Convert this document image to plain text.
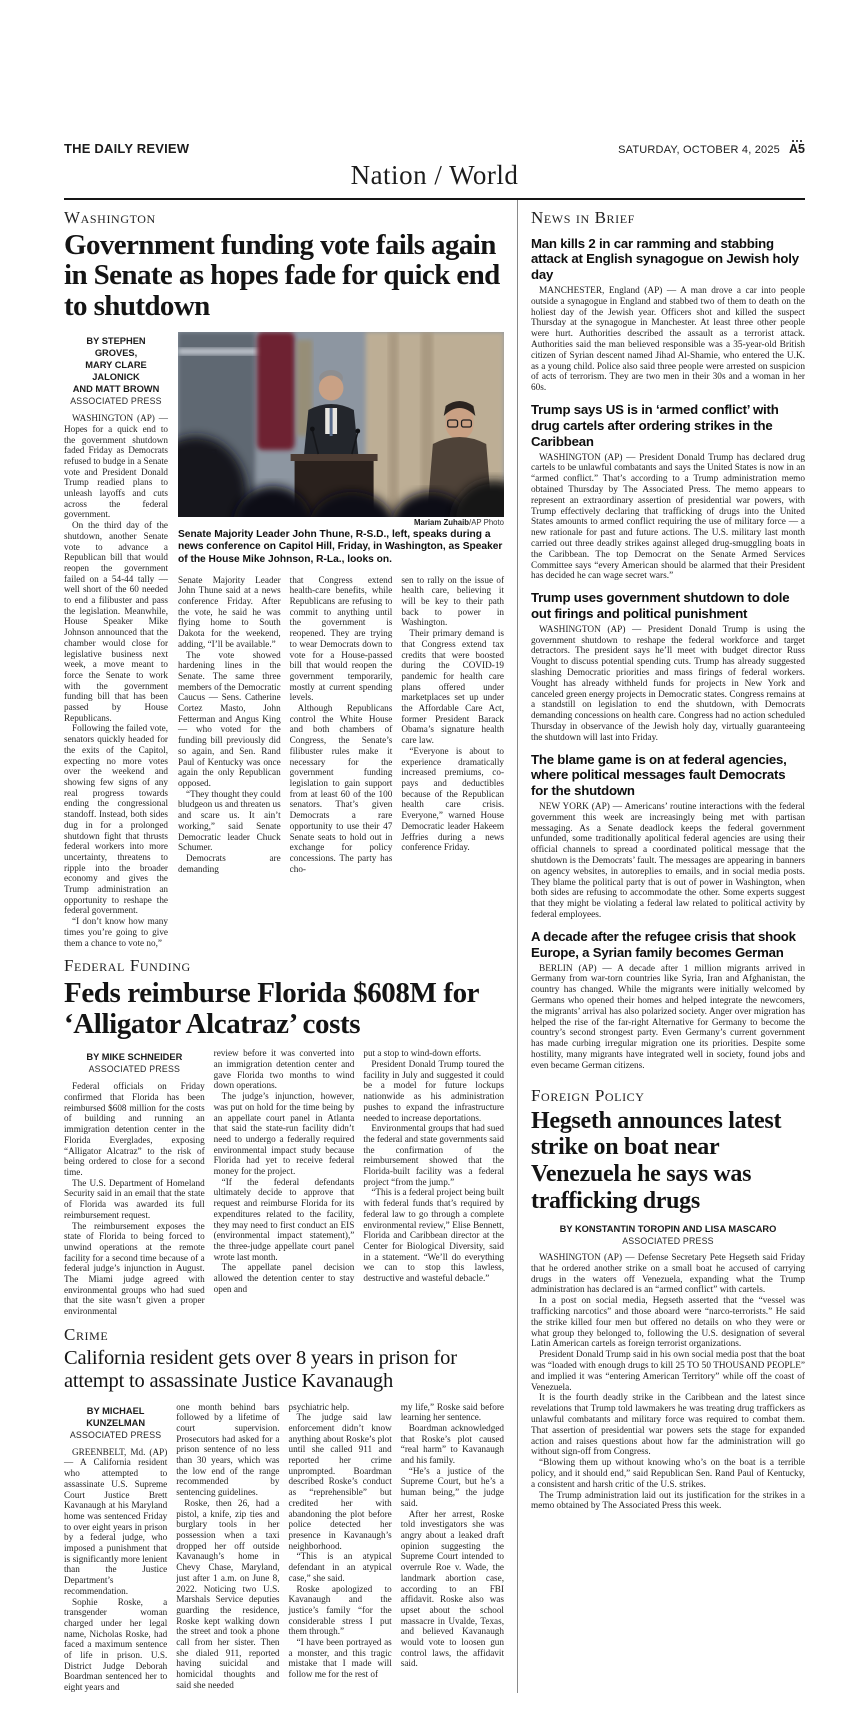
THE DAILY REVIEW	SATURDAY, OCTOBER 4, 2025 A5
Nation / World
Washington
Government funding vote fails again in Senate as hopes fade for quick end to shutdown
BY STEPHEN GROVES,
MARY CLARE JALONICK
AND MATT BROWN
ASSOCIATED PRESS

WASHINGTON (AP) — Hopes for a quick end to the government shutdown faded Friday as Democrats refused to budge in a Senate vote and President Donald Trump readied plans to unleash layoffs and cuts across the federal government.

On the third day of the shutdown, another Senate vote to advance a Republican bill that would reopen the government failed on a 54-44 tally — well short of the 60 needed to end a filibuster and pass the legislation. Meanwhile, House Speaker Mike Johnson announced that the chamber would close for legislative business next week, a move meant to force the Senate to work with the government funding bill that has been passed by House Republicans.

Following the failed vote, senators quickly headed for the exits of the Capitol, expecting no more votes over the weekend and showing few signs of any real progress towards ending the congressional standoff. Instead, both sides dug in for a prolonged shutdown fight that thrusts federal workers into more uncertainty, threatens to ripple into the broader economy and gives the Trump administration an opportunity to reshape the federal government.

“I don’t know how many times you’re going to give them a chance to vote no,”

Mariam Zuhaib/AP Photo
Senate Majority Leader John Thune, R-S.D., left, speaks during a news conference on Capitol Hill, Friday, in Washington, as Speaker of the House Mike Johnson, R-La., looks on.

Senate Majority Leader John Thune said at a news conference Friday. After the vote, he said he was flying home to South Dakota for the weekend, adding, “I’ll be available.”

The vote showed hardening lines in the Senate. The same three members of the Democratic Caucus — Sens. Catherine Cortez Masto, John Fetterman and Angus King — who voted for the funding bill previously did so again, and Sen. Rand Paul of Kentucky was once again the only Republican opposed.

“They thought they could bludgeon us and threaten us and scare us. It ain’t working,” said Senate Democratic leader Chuck Schumer.

Democrats are demanding

that Congress extend health-care benefits, while Republicans are refusing to commit to anything until the government is reopened. They are trying to wear Democrats down to vote for a House-passed bill that would reopen the government temporarily, mostly at current spending levels.

Although Republicans control the White House and both chambers of Congress, the Senate’s filibuster rules make it necessary for the government funding legislation to gain support from at least 60 of the 100 senators. That’s given Democrats a rare opportunity to use their 47 Senate seats to hold out in exchange for policy concessions. The party has cho-

sen to rally on the issue of health care, believing it will be key to their path back to power in Washington.

Their primary demand is that Congress extend tax credits that were boosted during the COVID-19 pandemic for health care plans offered under marketplaces set up under the Affordable Care Act, former President Barack Obama’s signature health care law.

“Everyone is about to experience dramatically increased premiums, co-pays and deductibles because of the Republican health care crisis. Everyone,” warned House Democratic leader Hakeem Jeffries during a news conference Friday.

Federal Funding
Feds reimburse Florida $608M for ‘Alligator Alcatraz’ costs
BY MIKE SCHNEIDER
ASSOCIATED PRESS

Federal officials on Friday confirmed that Florida has been reimbursed $608 million for the costs of building and running an immigration detention center in the Florida Everglades, exposing “Alligator Alcatraz” to the risk of being ordered to close for a second time.

The U.S. Department of Homeland Security said in an email that the state of Florida was awarded its full reimbursement request.

The reimbursement exposes the state of Florida to being forced to unwind operations at the remote facility for a second time because of a federal judge’s injunction in August. The Miami judge agreed with environmental groups who had sued that the site wasn’t given a proper environmental

review before it was converted into an immigration detention center and gave Florida two months to wind down operations.

The judge’s injunction, however, was put on hold for the time being by an appellate court panel in Atlanta that said the state-run facility didn’t need to undergo a federally required environmental impact study because Florida had yet to receive federal money for the project.

“If the federal defendants ultimately decide to approve that request and reimburse Florida for its expenditures related to the facility, they may need to first conduct an EIS (environmental impact statement),” the three-judge appellate court panel wrote last month.

The appellate panel decision allowed the detention center to stay open and

put a stop to wind-down efforts.

President Donald Trump toured the facility in July and suggested it could be a model for future lockups nationwide as his administration pushes to expand the infrastructure needed to increase deportations.

Environmental groups that had sued the federal and state governments said the confirmation of the reimbursement showed that the Florida-built facility was a federal project “from the jump.”

“This is a federal project being built with federal funds that’s required by federal law to go through a complete environmental review,” Elise Bennett, Florida and Caribbean director at the Center for Biological Diversity, said in a statement. “We’ll do everything we can to stop this lawless, destructive and wasteful debacle.”

Crime
California resident gets over 8 years in prison for attempt to assassinate Justice Kavanaugh
BY MICHAEL
KUNZELMAN
ASSOCIATED PRESS

GREENBELT, Md. (AP) — A California resident who attempted to assassinate U.S. Supreme Court Justice Brett Kavanaugh at his Maryland home was sentenced Friday to over eight years in prison by a federal judge, who imposed a punishment that is significantly more lenient than the Justice Department’s recommendation.

Sophie Roske, a transgender woman charged under her legal name, Nicholas Roske, had faced a maximum sentence of life in prison. U.S. District Judge Deborah Boardman sentenced her to eight years and

one month behind bars followed by a lifetime of court supervision. Prosecutors had asked for a prison sentence of no less than 30 years, which was the low end of the range recommended by sentencing guidelines.

Roske, then 26, had a pistol, a knife, zip ties and burglary tools in her possession when a taxi dropped her off outside Kavanaugh’s home in Chevy Chase, Maryland, just after 1 a.m. on June 8, 2022. Noticing two U.S. Marshals Service deputies guarding the residence, Roske kept walking down the street and took a phone call from her sister. Then she dialed 911, reported having suicidal and homicidal thoughts and said she needed

psychiatric help.

The judge said law enforcement didn’t know anything about Roske’s plot until she called 911 and reported her crime unprompted. Boardman described Roske’s conduct as “reprehensible” but credited her with abandoning the plot before police detected her presence in Kavanaugh’s neighborhood.

“This is an atypical defendant in an atypical case,” she said.

Roske apologized to Kavanaugh and the justice’s family “for the considerable stress I put them through.”

“I have been portrayed as a monster, and this tragic mistake that I made will follow me for the rest of

my life,” Roske said before learning her sentence.

Boardman acknowledged that Roske’s plot caused “real harm” to Kavanaugh and his family.

“He’s a justice of the Supreme Court, but he’s a human being,” the judge said.

After her arrest, Roske told investigators she was angry about a leaked draft opinion suggesting the Supreme Court intended to overrule Roe v. Wade, the landmark abortion case, according to an FBI affidavit. Roske also was upset about the school massacre in Uvalde, Texas, and believed Kavanaugh would vote to loosen gun control laws, the affidavit said.

News in Brief
Man kills 2 in car ramming and stabbing attack at English synagogue on Jewish holy day

MANCHESTER, England (AP) — A man drove a car into people outside a synagogue in England and stabbed two of them to death on the holiest day of the Jewish year. Officers shot and killed the suspect Thursday at the synagogue in Manchester. At least three other people were hurt. Authorities described the assault as a terrorist attack. Authorities said the man believed responsible was a 35-year-old British citizen of Syrian descent named Jihad Al-Shamie, who entered the U.K. as a young child. Police also said three people were arrested on suspicion of acts of terrorism. They are two men in their 30s and a woman in her 60s.

Trump says US is in ‘armed conflict’ with drug cartels after ordering strikes in the Caribbean

WASHINGTON (AP) — President Donald Trump has declared drug cartels to be unlawful combatants and says the United States is now in an “armed conflict.” That’s according to a Trump administration memo obtained Thursday by The Associated Press. The memo appears to represent an extraordinary assertion of presidential war powers, with Trump effectively declaring that trafficking of drugs into the United States amounts to armed conflict requiring the use of military force — a new rationale for past and future actions. The U.S. military last month carried out three deadly strikes against alleged drug-smuggling boats in the Caribbean. The top Democrat on the Senate Armed Services Committee says “every American should be alarmed that their President has decided he can wage secret wars.”

Trump uses government shutdown to dole out firings and political punishment

WASHINGTON (AP) — President Donald Trump is using the government shutdown to reshape the federal workforce and target detractors. The president says he’ll meet with budget director Russ Vought to discuss potential spending cuts. Trump has already suggested slashing Democratic priorities and mass firings of federal workers. Vought has already withheld funds for projects in New York and canceled green energy projects in Democratic states. Congress remains at a standstill on legislation to end the shutdown, with Democrats demanding concessions on health care. Congress had no action scheduled Thursday in observance of the Jewish holy day, virtually guaranteeing the shutdown will last into Friday.

The blame game is on at federal agencies, where political messages fault Democrats for the shutdown

NEW YORK (AP) — Americans’ routine interactions with the federal government this week are increasingly being met with partisan messaging. As a Senate deadlock keeps the federal government unfunded, some traditionally apolitical federal agencies are using their official channels to spread a coordinated political message that the shutdown is the Democrats’ fault. The messages are appearing in banners on agency websites, in autoreplies to emails, and in social media posts. They blame the political party that is out of power in Washington, when both sides are refusing to accommodate the other. Some experts suggest that they might be violating a federal law related to political activity by federal employees.

A decade after the refugee crisis that shook Europe, a Syrian family becomes German

BERLIN (AP) — A decade after 1 million migrants arrived in Germany from war-torn countries like Syria, Iran and Afghanistan, the country has changed. While the migrants were initially welcomed by Germans who opened their homes and helped integrate the newcomers, the migrants’ arrival has also polarized society. Anger over migration has helped the rise of the far-right Alternative for Germany to become the country’s second strongest party. Even Germany’s current government has made curbing irregular migration one its priorities. Despite some hostility, many migrants have integrated well in society, found jobs and even became German citizens.

Foreign Policy
Hegseth announces latest strike on boat near Venezuela he says was trafficking drugs
BY KONSTANTIN TOROPIN AND LISA MASCARO
ASSOCIATED PRESS

WASHINGTON (AP) — Defense Secretary Pete Hegseth said Friday that he ordered another strike on a small boat he accused of carrying drugs in the waters off Venezuela, expanding what the Trump administration has declared is an “armed conflict” with cartels.

In a post on social media, Hegseth asserted that the “vessel was trafficking narcotics” and those aboard were “narco-terrorists.” He said the strike killed four men but offered no details on who they were or what group they belonged to, following the U.S. designation of several Latin American cartels as foreign terrorist organizations.

President Donald Trump said in his own social media post that the boat was “loaded with enough drugs to kill 25 TO 50 THOUSAND PEOPLE” and implied it was “entering American Territory” while off the coast of Venezuela.

It is the fourth deadly strike in the Caribbean and the latest since revelations that Trump told lawmakers he was treating drug traffickers as unlawful combatants and military force was required to combat them. That assertion of presidential war powers sets the stage for expanded action and raises questions about how far the administration will go without sign-off from Congress.

“Blowing them up without knowing who’s on the boat is a terrible policy, and it should end,” said Republican Sen. Rand Paul of Kentucky, a consistent and harsh critic of the U.S. strikes.

The Trump administration laid out its justification for the strikes in a memo obtained by The Associated Press this week.
